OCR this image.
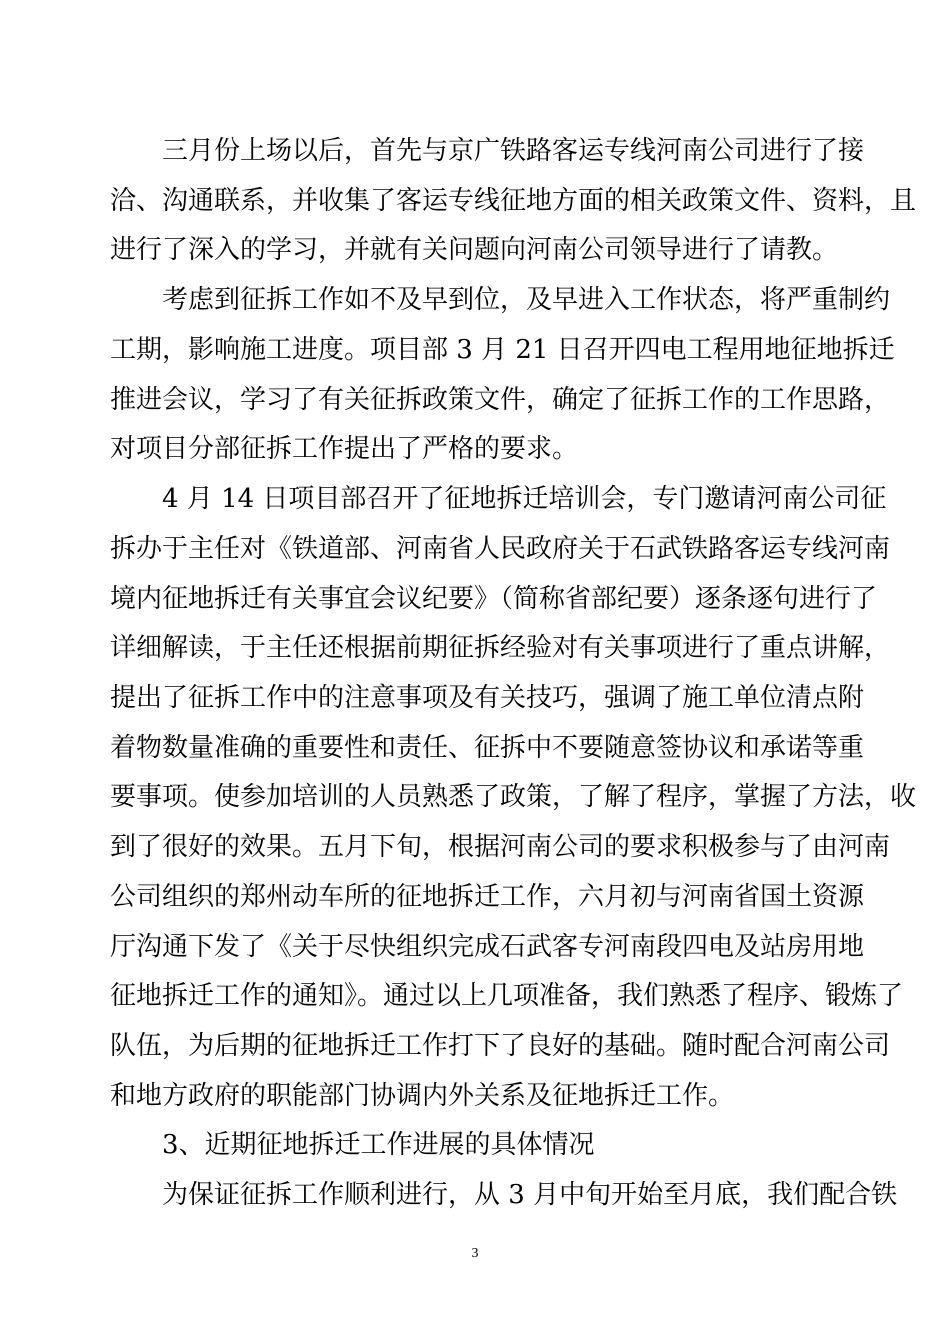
三月份上场以后，首先与京广铁路客运专线河南公司进行了接
洽、沟通联系，并收集了客运专线征地方面的相关政策文件、资料，且
进行了深入的学习，并就有关问题向河南公司领导进行了请教。
考虑到征拆工作如不及早到位，及早进入工作状态，将严重制约
工期，影响施工进度。项目部 3 月 21 日召开四电工程用地征地拆迁
推进会议，学习了有关征拆政策文件，确定了征拆工作的工作思路，
对项目分部征拆工作提出了严格的要求。
4 月 14 日项目部召开了征地拆迁培训会，专门邀请河南公司征
拆办于主任对《铁道部、河南省人民政府关于石武铁路客运专线河南
境内征地拆迁有关事宜会议纪要》（简称省部纪要）逐条逐句进行了
详细解读，于主任还根据前期征拆经验对有关事项进行了重点讲解，
提出了征拆工作中的注意事项及有关技巧，强调了施工单位清点附
着物数量准确的重要性和责任、征拆中不要随意签协议和承诺等重
要事项。使参加培训的人员熟悉了政策，了解了程序，掌握了方法，收
到了很好的效果。五月下旬，根据河南公司的要求积极参与了由河南
公司组织的郑州动车所的征地拆迁工作，六月初与河南省国土资源
厅沟通下发了《关于尽快组织完成石武客专河南段四电及站房用地
征地拆迁工作的通知》。通过以上几项准备，我们熟悉了程序、锻炼了
队伍，为后期的征地拆迁工作打下了良好的基础。随时配合河南公司
和地方政府的职能部门协调内外关系及征地拆迁工作。
3、近期征地拆迁工作进展的具体情况
为保证征拆工作顺利进行，从 3 月中旬开始至月底，我们配合铁
3
